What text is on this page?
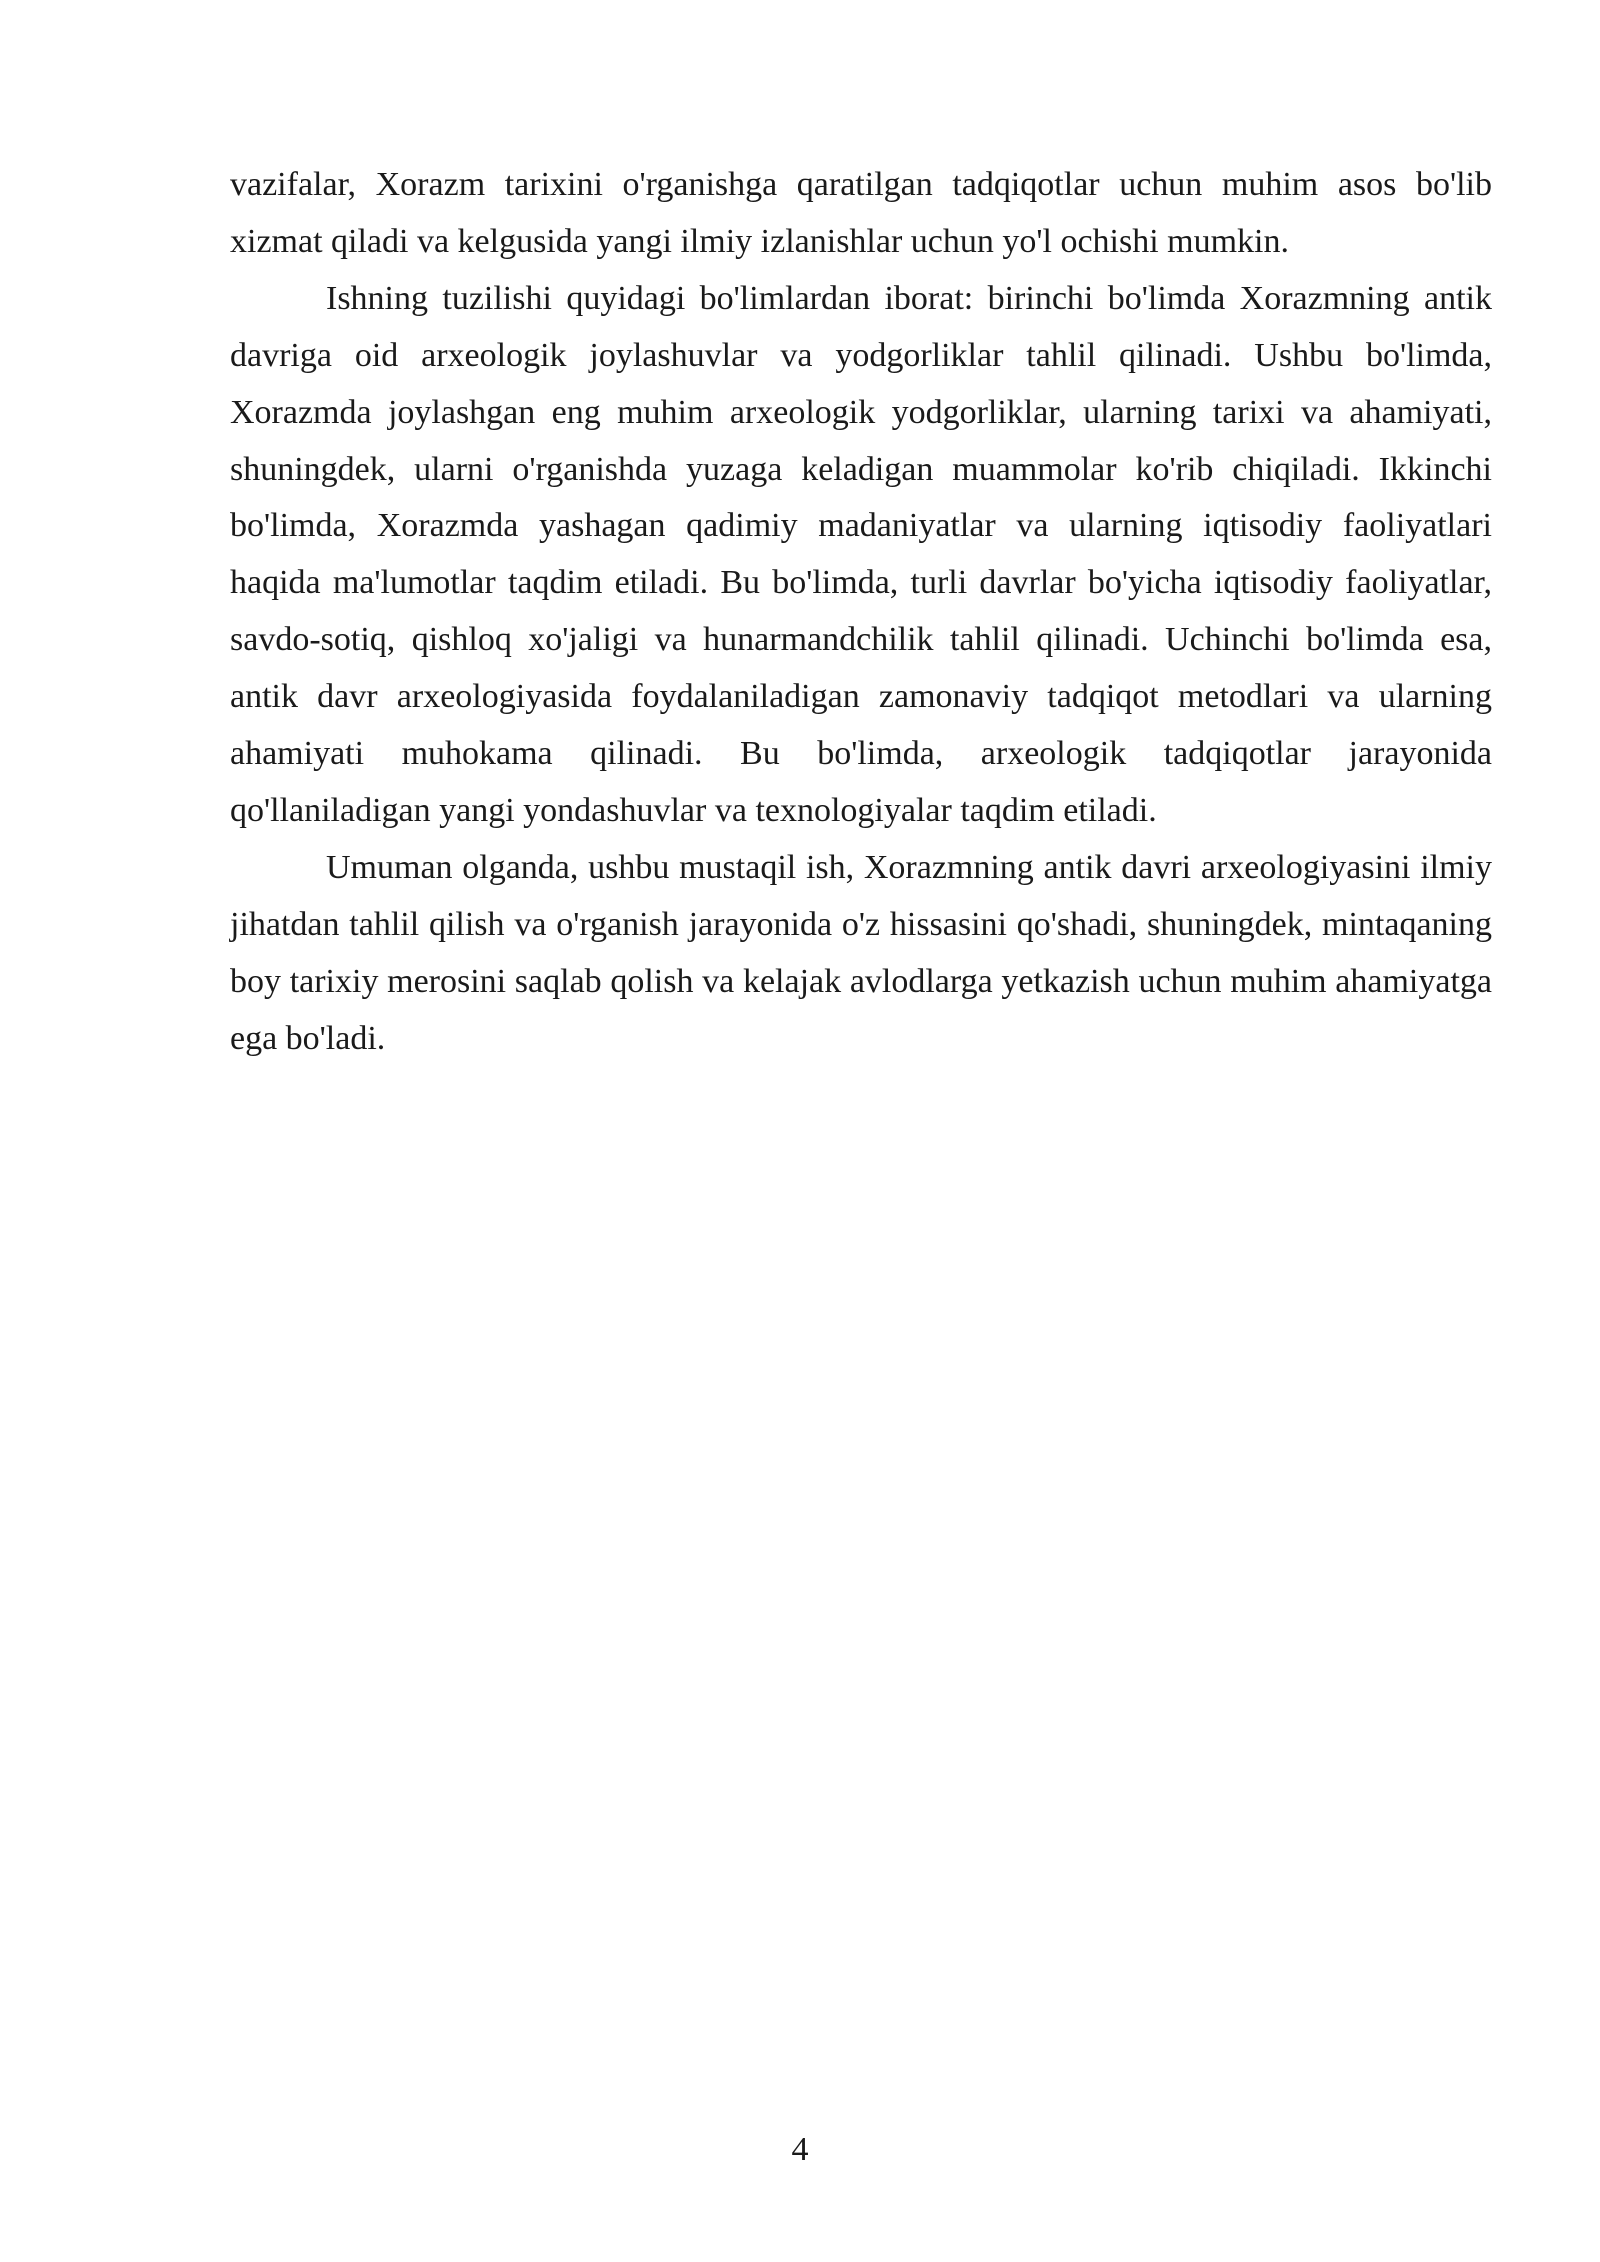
vazifalar, Xorazm tarixini o'rganishga qaratilgan tadqiqotlar uchun muhim asos bo'lib xizmat qiladi va kelgusida yangi ilmiy izlanishlar uchun yo'l ochishi mumkin.

Ishning tuzilishi quyidagi bo'limlardan iborat: birinchi bo'limda Xorazmning antik davriga oid arxeologik joylashuvlar va yodgorliklar tahlil qilinadi. Ushbu bo'limda, Xorazmda joylashgan eng muhim arxeologik yodgorliklar, ularning tarixi va ahamiyati, shuningdek, ularni o'rganishda yuzaga keladigan muammolar ko'rib chiqiladi. Ikkinchi bo'limda, Xorazmda yashagan qadimiy madaniyatlar va ularning iqtisodiy faoliyatlari haqida ma'lumotlar taqdim etiladi. Bu bo'limda, turli davrlar bo'yicha iqtisodiy faoliyatlar, savdo-sotiq, qishloq xo'jaligi va hunarmandchilik tahlil qilinadi. Uchinchi bo'limda esa, antik davr arxeologiyasida foydalaniladigan zamonaviy tadqiqot metodlari va ularning ahamiyati muhokama qilinadi. Bu bo'limda, arxeologik tadqiqotlar jarayonida qo'llaniladigan yangi yondashuvlar va texnologiyalar taqdim etiladi.

Umuman olganda, ushbu mustaqil ish, Xorazmning antik davri arxeologiyasini ilmiy jihatdan tahlil qilish va o'rganish jarayonida o'z hissasini qo'shadi, shuningdek, mintaqaning boy tarixiy merosini saqlab qolish va kelajak avlodlarga yetkazish uchun muhim ahamiyatga ega bo'ladi.

4
